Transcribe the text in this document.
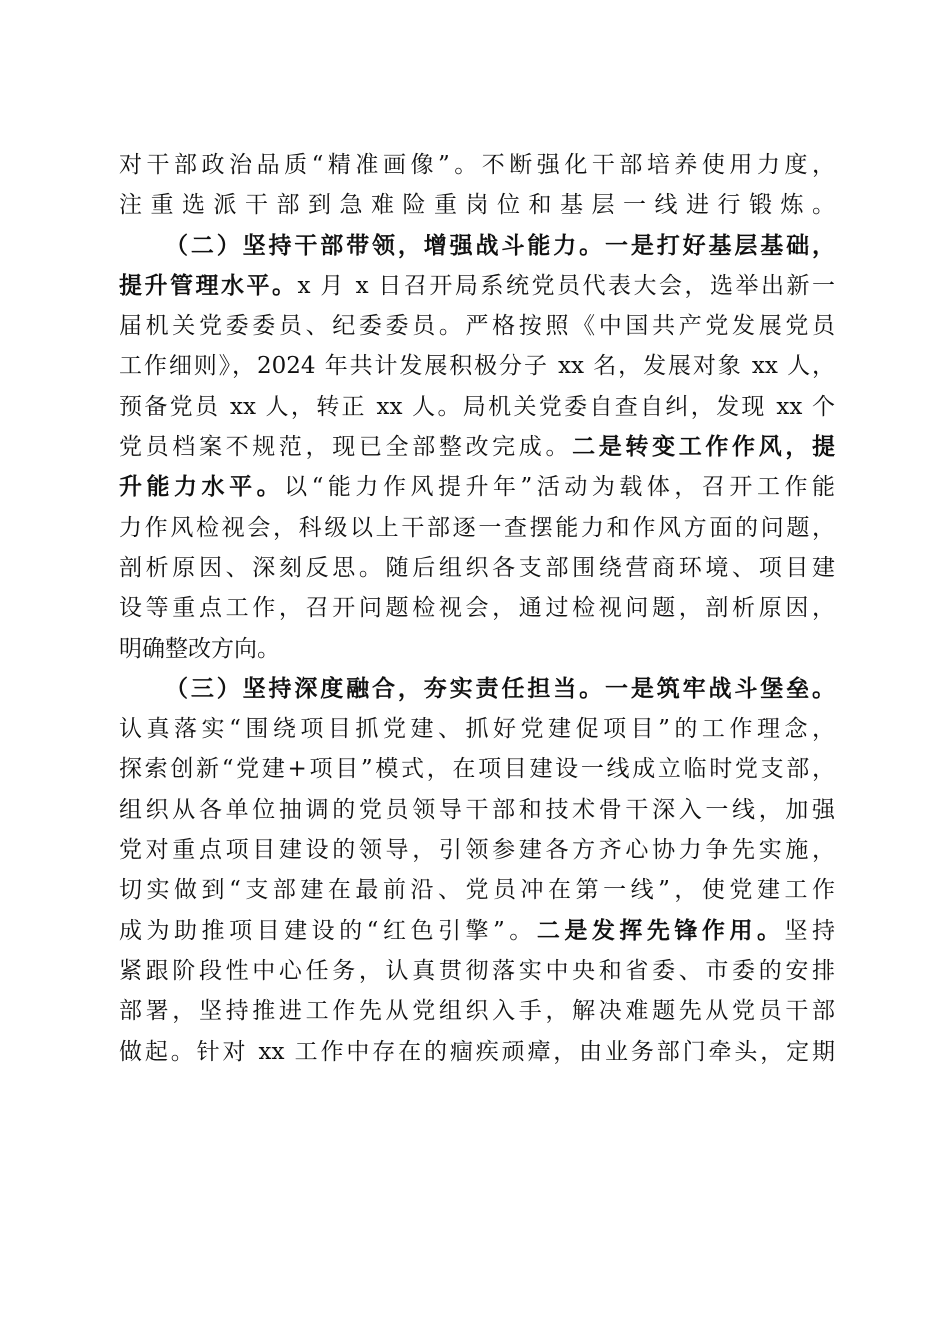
对干部政治品质“精准画像”。不断强化干部培养使用力度，
注重选派干部到急难险重岗位和基层一线进行锻炼。
（二）坚持干部带领，增强战斗能力。一是打好基层基础，
提升管理水平。x 月 x 日召开局系统党员代表大会，选举出新一
届机关党委委员、纪委委员。严格按照《中国共产党发展党员
工作细则》，2024 年共计发展积极分子 xx 名，发展对象 xx 人，
预备党员 xx 人，转正 xx 人。局机关党委自查自纠，发现 xx 个
党员档案不规范，现已全部整改完成。二是转变工作作风，提
升能力水平。以“能力作风提升年”活动为载体，召开工作能
力作风检视会，科级以上干部逐一查摆能力和作风方面的问题，
剖析原因、深刻反思。随后组织各支部围绕营商环境、项目建
设等重点工作，召开问题检视会，通过检视问题，剖析原因，
明确整改方向。
（三）坚持深度融合，夯实责任担当。一是筑牢战斗堡垒。
认真落实“围绕项目抓党建、抓好党建促项目”的工作理念，
探索创新“党建+项目”模式，在项目建设一线成立临时党支部，
组织从各单位抽调的党员领导干部和技术骨干深入一线，加强
党对重点项目建设的领导，引领参建各方齐心协力争先实施，
切实做到“支部建在最前沿、党员冲在第一线”，使党建工作
成为助推项目建设的“红色引擎”。二是发挥先锋作用。坚持
紧跟阶段性中心任务，认真贯彻落实中央和省委、市委的安排
部署，坚持推进工作先从党组织入手，解决难题先从党员干部
做起。针对 xx 工作中存在的痼疾顽瘴，由业务部门牵头，定期
